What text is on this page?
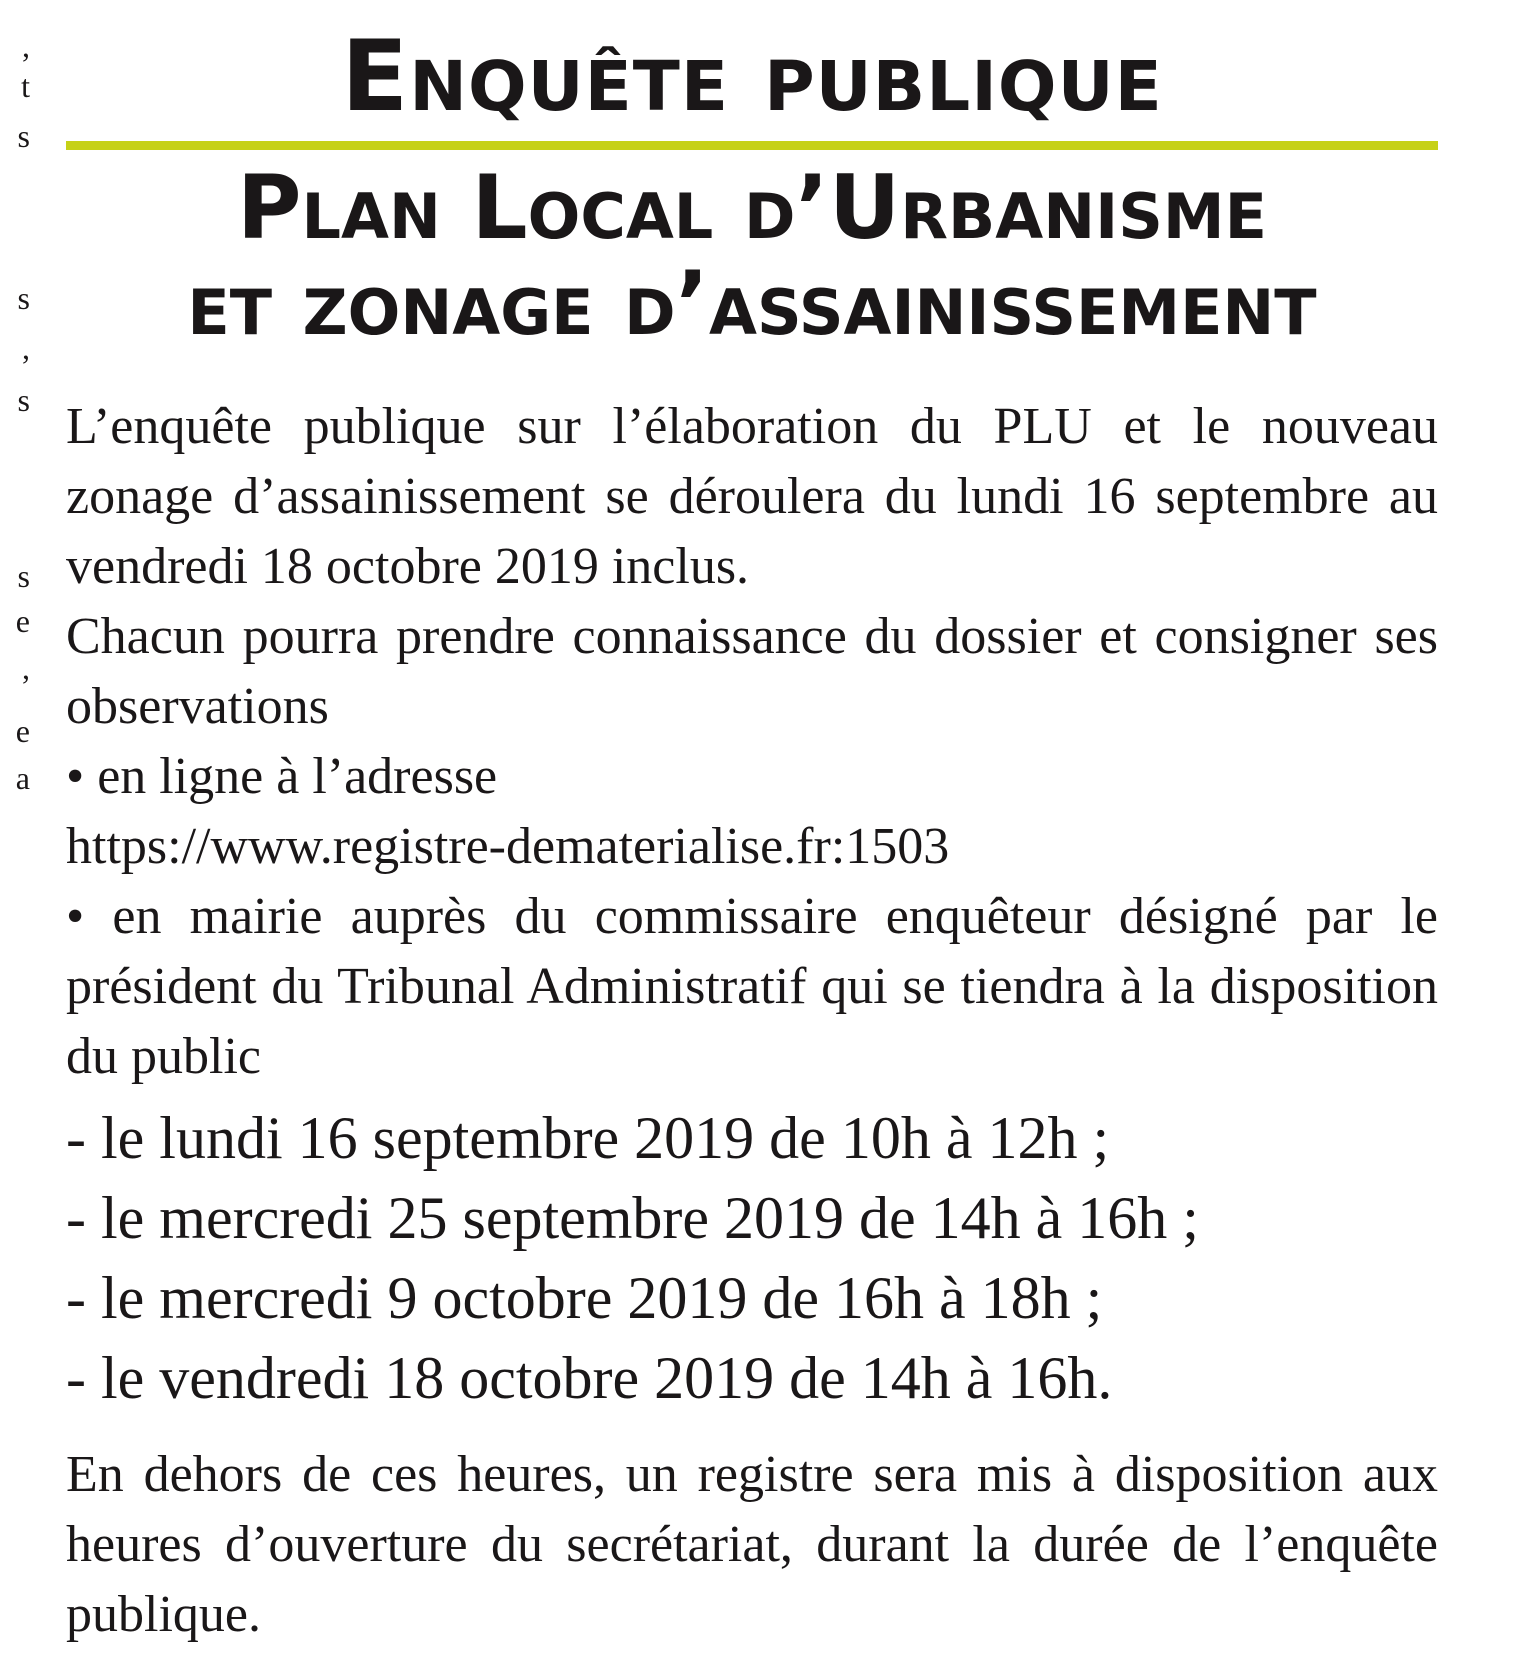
,
t
s
s
,
s
s
e
,
e
a
Enquête publique
Plan Local d’Urbanisme
et zonage d’assainissement

L’enquête publique sur l’élaboration du PLU et le nouveau zonage d’assainissement se déroulera du lundi 16 septembre au vendredi 18 octobre 2019 inclus.

Chacun pourra prendre connaissance du dossier et consigner ses observations

• en ligne à l’adresse
https://www.registre-dematerialise.fr:1503

• en mairie auprès du commissaire enquêteur désigné par le président du Tribunal Administratif qui se tiendra à la disposition du public

- le lundi 16 septembre 2019 de 10h à 12h ;
- le mercredi 25 septembre 2019 de 14h à 16h ;
- le mercredi 9 octobre 2019 de 16h à 18h ;
- le vendredi 18 octobre 2019 de 14h à 16h.

En dehors de ces heures, un registre sera mis à disposition aux heures d’ouverture du secrétariat, durant la durée de l’enquête publique.
